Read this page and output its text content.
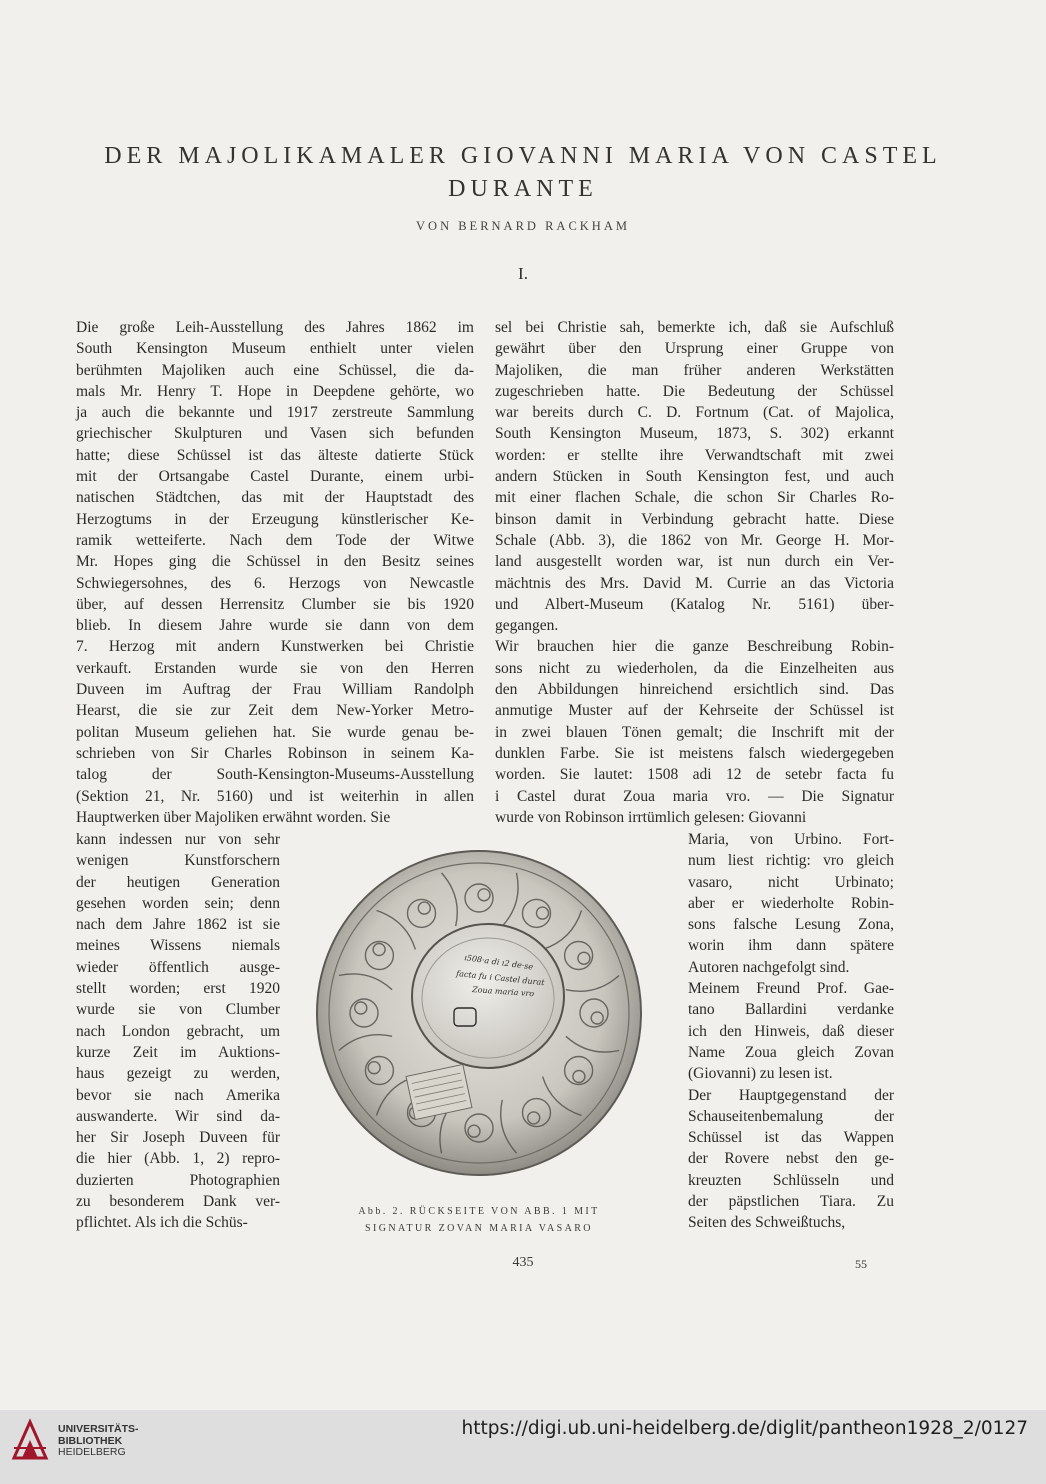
DER MAJOLIKAMALER GIOVANNI MARIA VON CASTEL
DURANTE
VON BERNARD RACKHAM
I.
Die große Leih-Ausstellung des Jahres 1862 im
South Kensington Museum enthielt unter vielen
berühmten Majoliken auch eine Schüssel, die da-
mals Mr. Henry T. Hope in Deepdene gehörte, wo
ja auch die bekannte und 1917 zerstreute Sammlung
griechischer Skulpturen und Vasen sich befunden
hatte; diese Schüssel ist das älteste datierte Stück
mit der Ortsangabe Castel Durante, einem urbi-
natischen Städtchen, das mit der Hauptstadt des
Herzogtums in der Erzeugung künstlerischer Ke-
ramik wetteiferte. Nach dem Tode der Witwe
Mr. Hopes ging die Schüssel in den Besitz seines
Schwiegersohnes, des 6. Herzogs von Newcastle
über, auf dessen Herrensitz Clumber sie bis 1920
blieb. In diesem Jahre wurde sie dann von dem
7. Herzog mit andern Kunstwerken bei Christie
verkauft. Erstanden wurde sie von den Herren
Duveen im Auftrag der Frau William Randolph
Hearst, die sie zur Zeit dem New-Yorker Metro-
politan Museum geliehen hat. Sie wurde genau be-
schrieben von Sir Charles Robinson in seinem Ka-
talog der South-Kensington-Museums-Ausstellung
(Sektion 21, Nr. 5160) und ist weiterhin in allen
Hauptwerken über Majoliken erwähnt worden. Sie
sel bei Christie sah, bemerkte ich, daß sie Aufschluß
gewährt über den Ursprung einer Gruppe von
Majoliken, die man früher anderen Werkstätten
zugeschrieben hatte. Die Bedeutung der Schüssel
war bereits durch C. D. Fortnum (Cat. of Majolica,
South Kensington Museum, 1873, S. 302) erkannt
worden: er stellte ihre Verwandtschaft mit zwei
andern Stücken in South Kensington fest, und auch
mit einer flachen Schale, die schon Sir Charles Ro-
binson damit in Verbindung gebracht hatte. Diese
Schale (Abb. 3), die 1862 von Mr. George H. Mor-
land ausgestellt worden war, ist nun durch ein Ver-
mächtnis des Mrs. David M. Currie an das Victoria
und Albert-Museum (Katalog Nr. 5161) über-
gegangen.
Wir brauchen hier die ganze Beschreibung Robin-
sons nicht zu wiederholen, da die Einzelheiten aus
den Abbildungen hinreichend ersichtlich sind. Das
anmutige Muster auf der Kehrseite der Schüssel ist
in zwei blauen Tönen gemalt; die Inschrift mit der
dunklen Farbe. Sie ist meistens falsch wiedergegeben
worden. Sie lautet: 1508 adi 12 de setebr facta fu
i Castel durat Zoua maria vro. — Die Signatur
wurde von Robinson irrtümlich gelesen: Giovanni
kann indessen nur von sehr
wenigen Kunstforschern
der heutigen Generation
gesehen worden sein; denn
nach dem Jahre 1862 ist sie
meines Wissens niemals
wieder öffentlich ausge-
stellt worden; erst 1920
wurde sie von Clumber
nach London gebracht, um
kurze Zeit im Auktions-
haus gezeigt zu werden,
bevor sie nach Amerika
auswanderte. Wir sind da-
her Sir Joseph Duveen für
die hier (Abb. 1, 2) repro-
duzierten Photographien
zu besonderem Dank ver-
pflichtet. Als ich die Schüs-
Maria, von Urbino. Fort-
num liest richtig: vro gleich
vasaro, nicht Urbinato;
aber er wiederholte Robin-
sons falsche Lesung Zona,
worin ihm dann spätere
Autoren nachgefolgt sind.
Meinem Freund Prof. Gae-
tano Ballardini verdanke
ich den Hinweis, daß dieser
Name Zoua gleich Zovan
(Giovanni) zu lesen ist.
Der Hauptgegenstand der
Schauseitenbemalung der
Schüssel ist das Wappen
der Rovere nebst den ge-
kreuzten Schlüsseln und
der päpstlichen Tiara. Zu
Seiten des Schweißtuchs,
ı508·a di ı2 de·se
facta fu i Castel durat
Zoua maria vro
Abb. 2. RÜCKSEITE VON ABB. 1 MIT
SIGNATUR ZOVAN MARIA VASARO
435	55
UNIVERSITÄTS-
BIBLIOTHEK
HEIDELBERG
https://digi.ub.uni-heidelberg.de/diglit/pantheon1928_2/0127
